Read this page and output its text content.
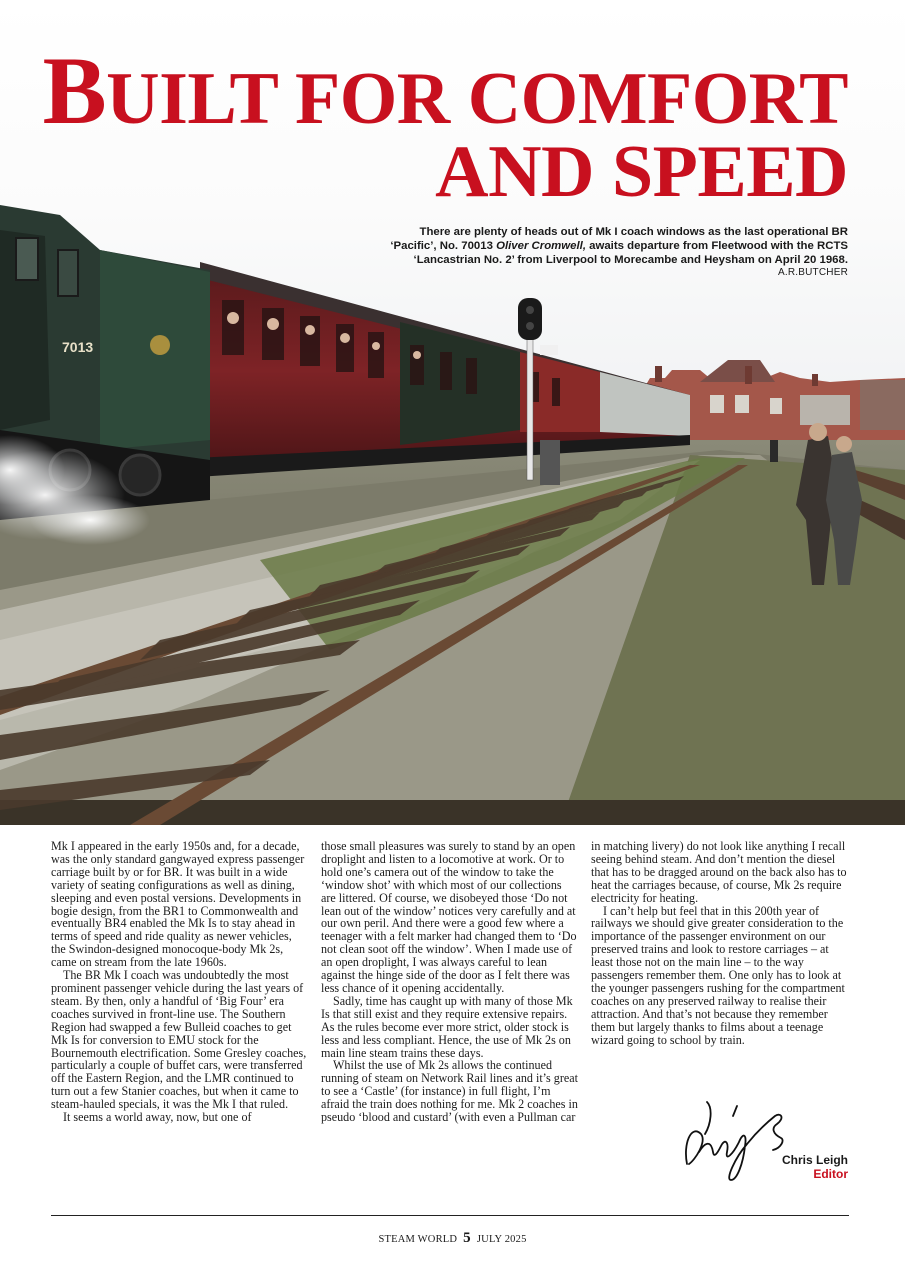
7013
BUILT FOR COMFORT
AND SPEED
There are plenty of heads out of Mk I coach windows as the last operational BR ‘Pacific’, No. 70013 Oliver Cromwell, awaits departure from Fleetwood with the RCTS ‘Lancastrian No. 2’ from Liverpool to Morecambe and Heysham on April 20 1968.
A.R.BUTCHER

Mk I appeared in the early 1950s and, for a decade, was the only standard gangwayed express passenger carriage built by or for BR. It was built in a wide variety of seating configurations as well as dining, sleeping and even postal versions. Developments in bogie design, from the BR1 to Commonwealth and eventually BR4 enabled the Mk Is to stay ahead in terms of speed and ride quality as newer vehicles, the Swindon-designed monocoque-body Mk 2s, came on stream from the late 1960s.

The BR Mk I coach was undoubtedly the most prominent passenger vehicle during the last years of steam. By then, only a handful of ‘Big Four’ era coaches survived in front-line use. The Southern Region had swapped a few Bulleid coaches to get Mk Is for conversion to EMU stock for the Bournemouth electrification. Some Gresley coaches, particularly a couple of buffet cars, were transferred off the Eastern Region, and the LMR continued to turn out a few Stanier coaches, but when it came to steam-hauled specials, it was the Mk I that ruled.

It seems a world away, now, but one of

those small pleasures was surely to stand by an open droplight and listen to a locomotive at work. Or to hold one’s camera out of the window to take the ‘window shot’ with which most of our collections are littered. Of course, we disobeyed those ‘Do not lean out of the window’ notices very carefully and at our own peril. And there were a good few where a teenager with a felt marker had changed them to ‘Do not clean soot off the window’. When I made use of an open droplight, I was always careful to lean against the hinge side of the door as I felt there was less chance of it opening accidentally.

Sadly, time has caught up with many of those Mk Is that still exist and they require extensive repairs. As the rules become ever more strict, older stock is less and less compliant. Hence, the use of Mk 2s on main line steam trains these days.

Whilst the use of Mk 2s allows the continued running of steam on Network Rail lines and it’s great to see a ‘Castle’ (for instance) in full flight, I’m afraid the train does nothing for me. Mk 2 coaches in pseudo ‘blood and custard’ (with even a Pullman car

in matching livery) do not look like anything I recall seeing behind steam. And don’t mention the diesel that has to be dragged around on the back also has to heat the carriages because, of course, Mk 2s require electricity for heating.

I can’t help but feel that in this 200th year of railways we should give greater consideration to the importance of the passenger environment on our preserved trains and look to restore carriages – at least those not on the main line – to the way passengers remember them. One only has to look at the younger passengers rushing for the compartment coaches on any preserved railway to realise their attraction. And that’s not because they remember them but largely thanks to films about a teenage wizard going to school by train.

Chris Leigh
Editor
STEAM WORLD 5 JULY 2025
